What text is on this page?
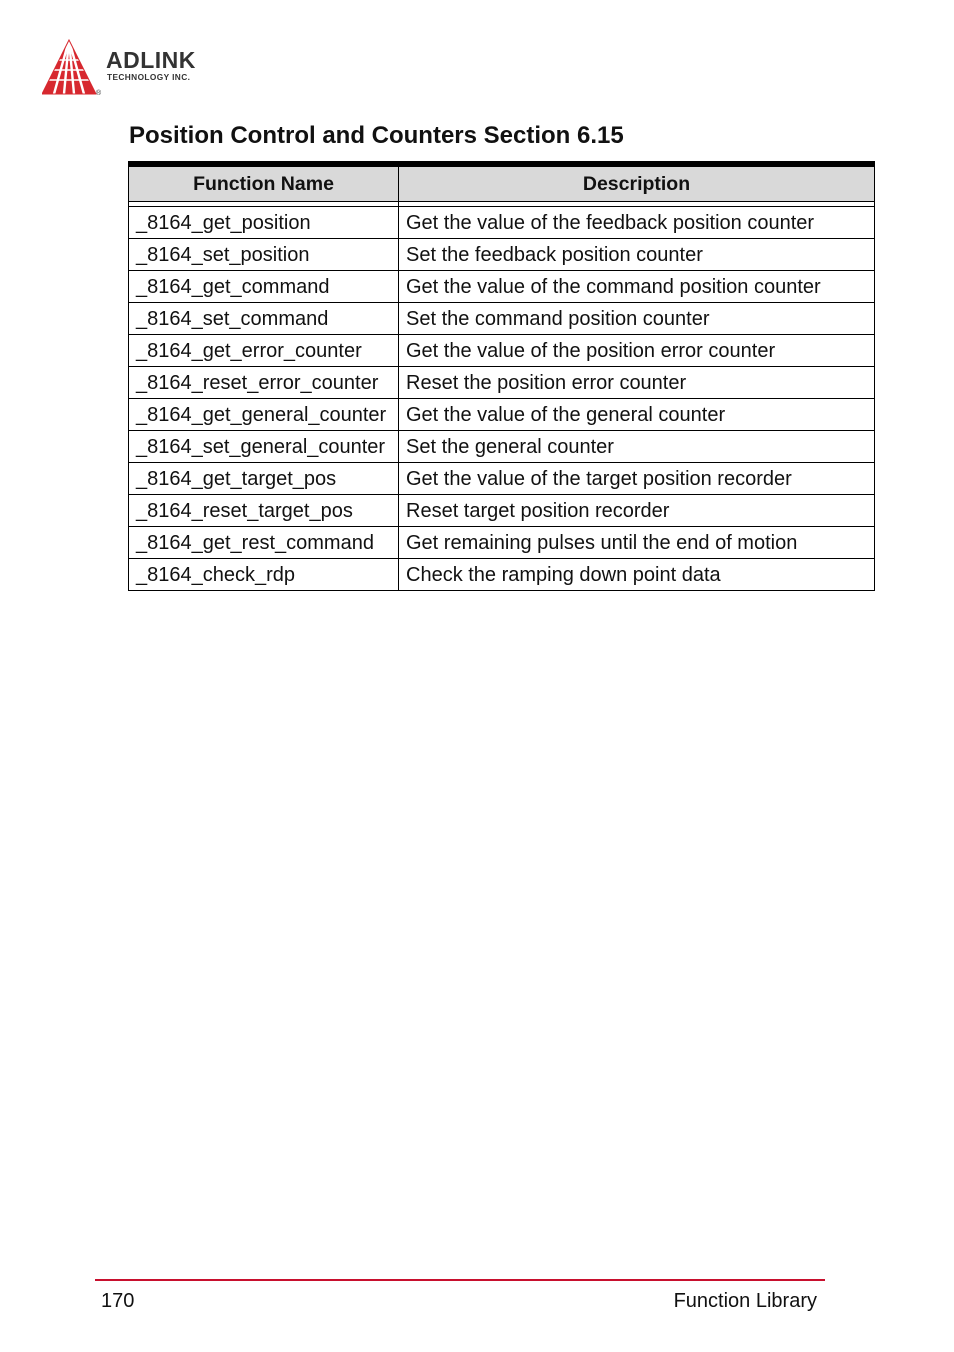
ADLINK
TECHNOLOGY INC.
®
Position Control and Counters Section 6.15
Function Name	Description

_8164_get_position	Get the value of the feedback position counter
_8164_set_position	Set the feedback position counter
_8164_get_command	Get the value of the command position counter
_8164_set_command	Set the command position counter
_8164_get_error_counter	Get the value of the position error counter
_8164_reset_error_counter	Reset the position error counter
_8164_get_general_counter	Get the value of the general counter
_8164_set_general_counter	Set the general counter
_8164_get_target_pos	Get the value of the target position recorder
_8164_reset_target_pos	Reset target position recorder
_8164_get_rest_command	Get remaining pulses until the end of motion
_8164_check_rdp	Check the ramping down point data
170	Function Library
